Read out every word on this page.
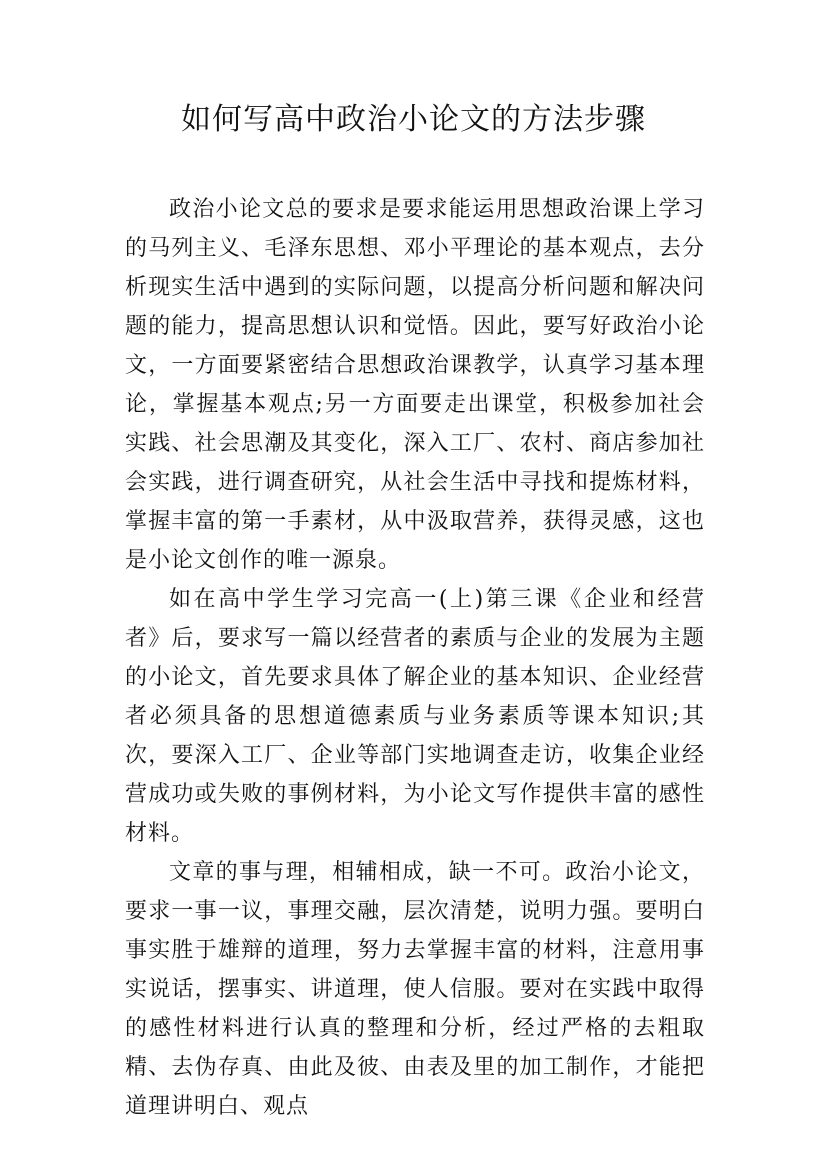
如何写高中政治小论文的方法步骤

政治小论文总的要求是要求能运用思想政治课上学习的马列主义、毛泽东思想、邓小平理论的基本观点，去分析现实生活中遇到的实际问题，以提高分析问题和解决问题的能力，提高思想认识和觉悟。因此，要写好政治小论文，一方面要紧密结合思想政治课教学，认真学习基本理论，掌握基本观点;另一方面要走出课堂，积极参加社会实践、社会思潮及其变化，深入工厂、农村、商店参加社会实践，进行调查研究，从社会生活中寻找和提炼材料，掌握丰富的第一手素材，从中汲取营养，获得灵感，这也是小论文创作的唯一源泉。

如在高中学生学习完高一(上)第三课《企业和经营者》后，要求写一篇以经营者的素质与企业的发展为主题的小论文，首先要求具体了解企业的基本知识、企业经营者必须具备的思想道德素质与业务素质等课本知识;其次，要深入工厂、企业等部门实地调查走访，收集企业经营成功或失败的事例材料，为小论文写作提供丰富的感性材料。

文章的事与理，相辅相成，缺一不可。政治小论文，要求一事一议，事理交融，层次清楚，说明力强。要明白事实胜于雄辩的道理，努力去掌握丰富的材料，注意用事实说话，摆事实、讲道理，使人信服。要对在实践中取得的感性材料进行认真的整理和分析，经过严格的去粗取精、去伪存真、由此及彼、由表及里的加工制作，才能把道理讲明白、观点
